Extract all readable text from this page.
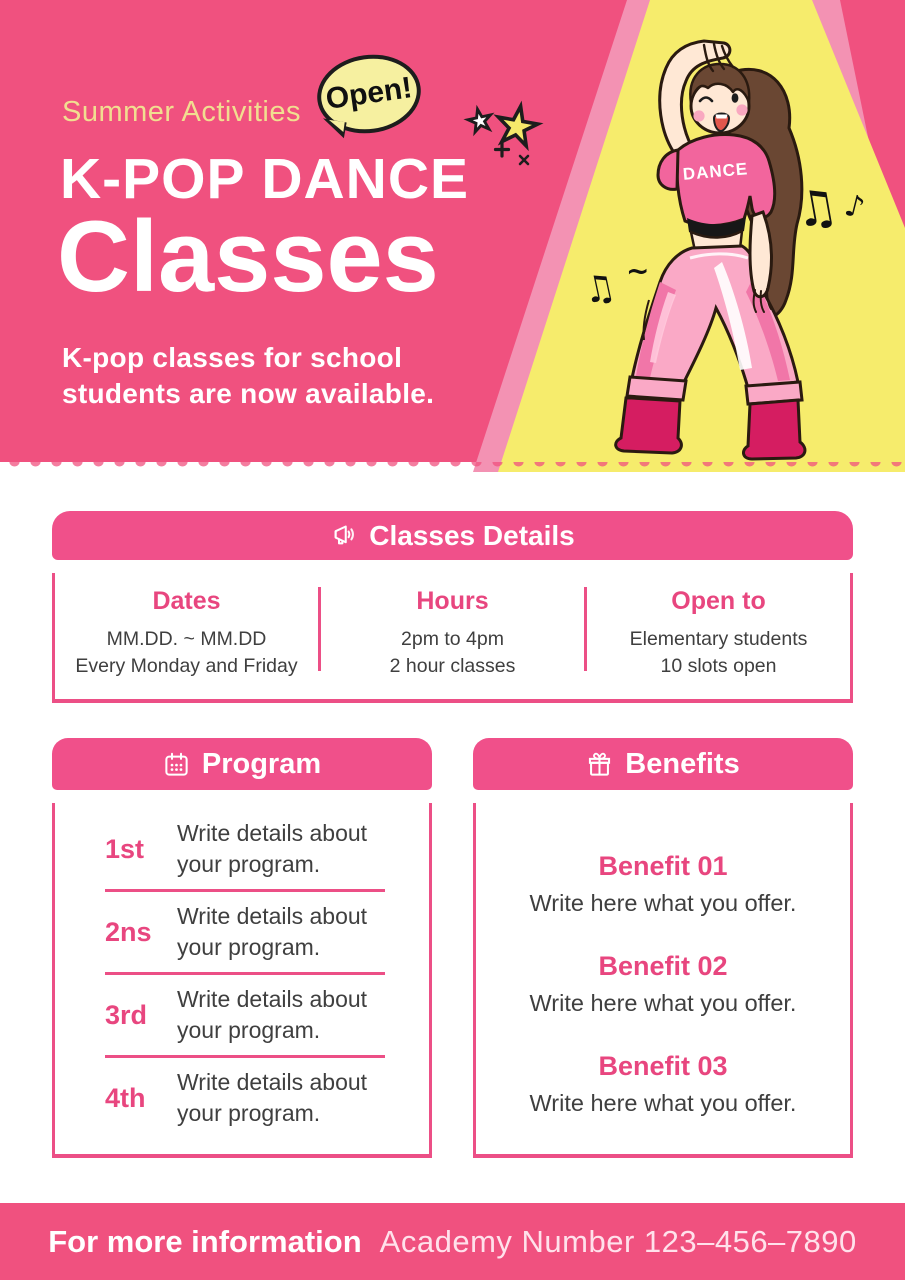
DANCE
♫
♪
♫ ~
Summer Activities Open!
K-POP DANCE
Classes
K-pop classes for school
students are now available.
Classes Details
Dates
MM.DD. ~ MM.DD
Every Monday and Friday
Hours
2pm to 4pm
2 hour classes
Open to
Elementary students
10 slots open
Program
1st
Write details about your program.
2ns
Write details about your program.
3rd
Write details about your program.
4th
Write details about your program.
Benefits
Benefit 01
Write here what you offer.
Benefit 02
Write here what you offer.
Benefit 03
Write here what you offer.
For more information Academy Number 123–456–7890
